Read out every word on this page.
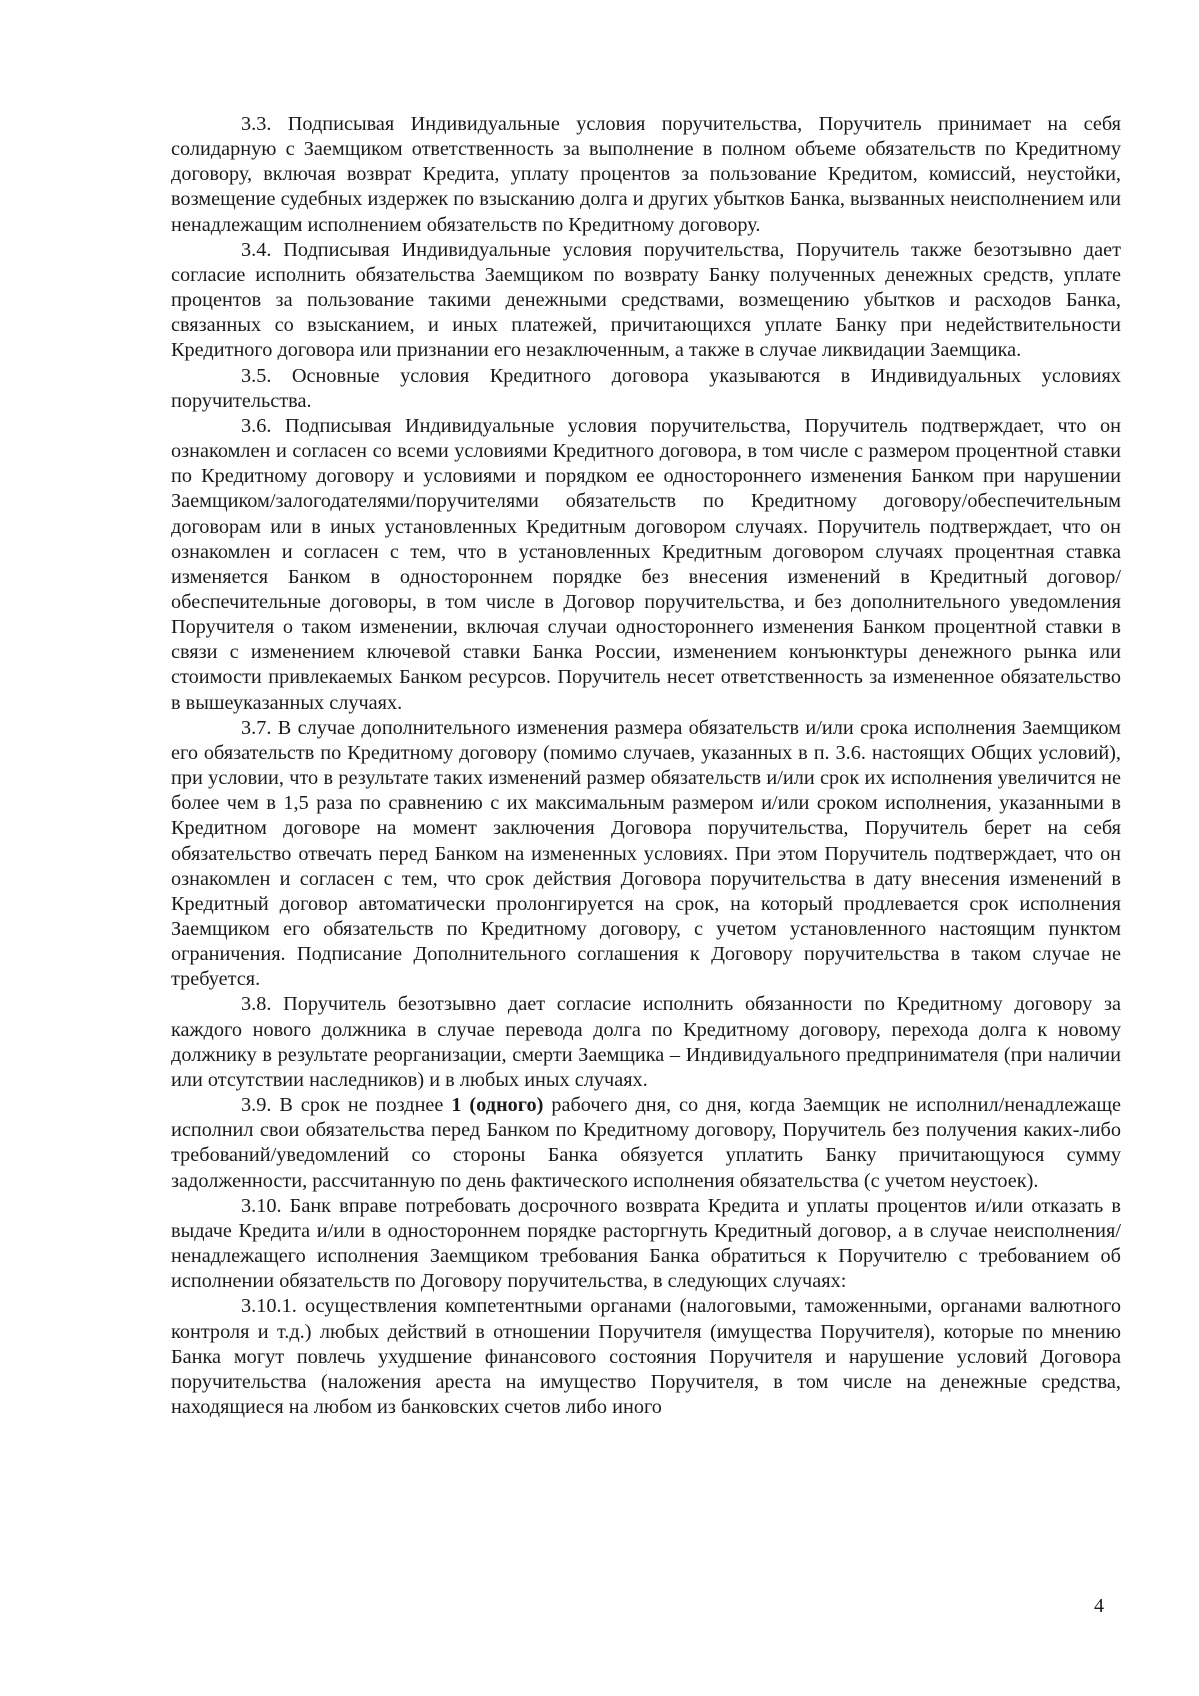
3.3. Подписывая Индивидуальные условия поручительства, Поручитель принимает на себя солидарную с Заемщиком ответственность за выполнение в полном объеме обязательств по Кредитному договору, включая возврат Кредита, уплату процентов за пользование Кредитом, комиссий, неустойки, возмещение судебных издержек по взысканию долга и других убытков Банка, вызванных неисполнением или ненадлежащим исполнением обязательств по Кредитному договору.

3.4. Подписывая Индивидуальные условия поручительства, Поручитель также безотзывно дает согласие исполнить обязательства Заемщиком по возврату Банку полученных денежных средств, уплате процентов за пользование такими денежными средствами, возмещению убытков и расходов Банка, связанных со взысканием, и иных платежей, причитающихся уплате Банку при недействительности Кредитного договора или признании его незаключенным, а также в случае ликвидации Заемщика.

3.5. Основные условия Кредитного договора указываются в Индивидуальных условиях поручительства.

3.6. Подписывая Индивидуальные условия поручительства, Поручитель подтверждает, что он ознакомлен и согласен со всеми условиями Кредитного договора, в том числе с размером процентной ставки по Кредитному договору и условиями и порядком ее одностороннего изменения Банком при нарушении Заемщиком/залогодателями/поручителями обязательств по Кредитному договору/обеспечительным договорам или в иных установленных Кредитным договором случаях. Поручитель подтверждает, что он ознакомлен и согласен с тем, что в установленных Кредитным договором случаях процентная ставка изменяется Банком в одностороннем порядке без внесения изменений в Кредитный договор/обеспечительные договоры, в том числе в Договор поручительства, и без дополнительного уведомления Поручителя о таком изменении, включая случаи одностороннего изменения Банком процентной ставки в связи с изменением ключевой ставки Банка России, изменением конъюнктуры денежного рынка или стоимости привлекаемых Банком ресурсов. Поручитель несет ответственность за измененное обязательство в вышеуказанных случаях.

3.7. В случае дополнительного изменения размера обязательств и/или срока исполнения Заемщиком его обязательств по Кредитному договору (помимо случаев, указанных в п. 3.6. настоящих Общих условий), при условии, что в результате таких изменений размер обязательств и/или срок их исполнения увеличится не более чем в 1,5 раза по сравнению с их максимальным размером и/или сроком исполнения, указанными в Кредитном договоре на момент заключения Договора поручительства, Поручитель берет на себя обязательство отвечать перед Банком на измененных условиях. При этом Поручитель подтверждает, что он ознакомлен и согласен с тем, что срок действия Договора поручительства в дату внесения изменений в Кредитный договор автоматически пролонгируется на срок, на который продлевается срок исполнения Заемщиком его обязательств по Кредитному договору, с учетом установленного настоящим пунктом ограничения. Подписание Дополнительного соглашения к Договору поручительства в таком случае не требуется.

3.8. Поручитель безотзывно дает согласие исполнить обязанности по Кредитному договору за каждого нового должника в случае перевода долга по Кредитному договору, перехода долга к новому должнику в результате реорганизации, смерти Заемщика – Индивидуального предпринимателя (при наличии или отсутствии наследников) и в любых иных случаях.

3.9. В срок не позднее 1 (одного) рабочего дня, со дня, когда Заемщик не исполнил/ненадлежаще исполнил свои обязательства перед Банком по Кредитному договору, Поручитель без получения каких-либо требований/уведомлений со стороны Банка обязуется уплатить Банку причитающуюся сумму задолженности, рассчитанную по день фактического исполнения обязательства (с учетом неустоек).

3.10. Банк вправе потребовать досрочного возврата Кредита и уплаты процентов и/или отказать в выдаче Кредита и/или в одностороннем порядке расторгнуть Кредитный договор, а в случае неисполнения/ненадлежащего исполнения Заемщиком требования Банка обратиться к Поручителю с требованием об исполнении обязательств по Договору поручительства, в следующих случаях:

3.10.1. осуществления компетентными органами (налоговыми, таможенными, органами валютного контроля и т.д.) любых действий в отношении Поручителя (имущества Поручителя), которые по мнению Банка могут повлечь ухудшение финансового состояния Поручителя и нарушение условий Договора поручительства (наложения ареста на имущество Поручителя, в том числе на денежные средства, находящиеся на любом из банковских счетов либо иного

4
